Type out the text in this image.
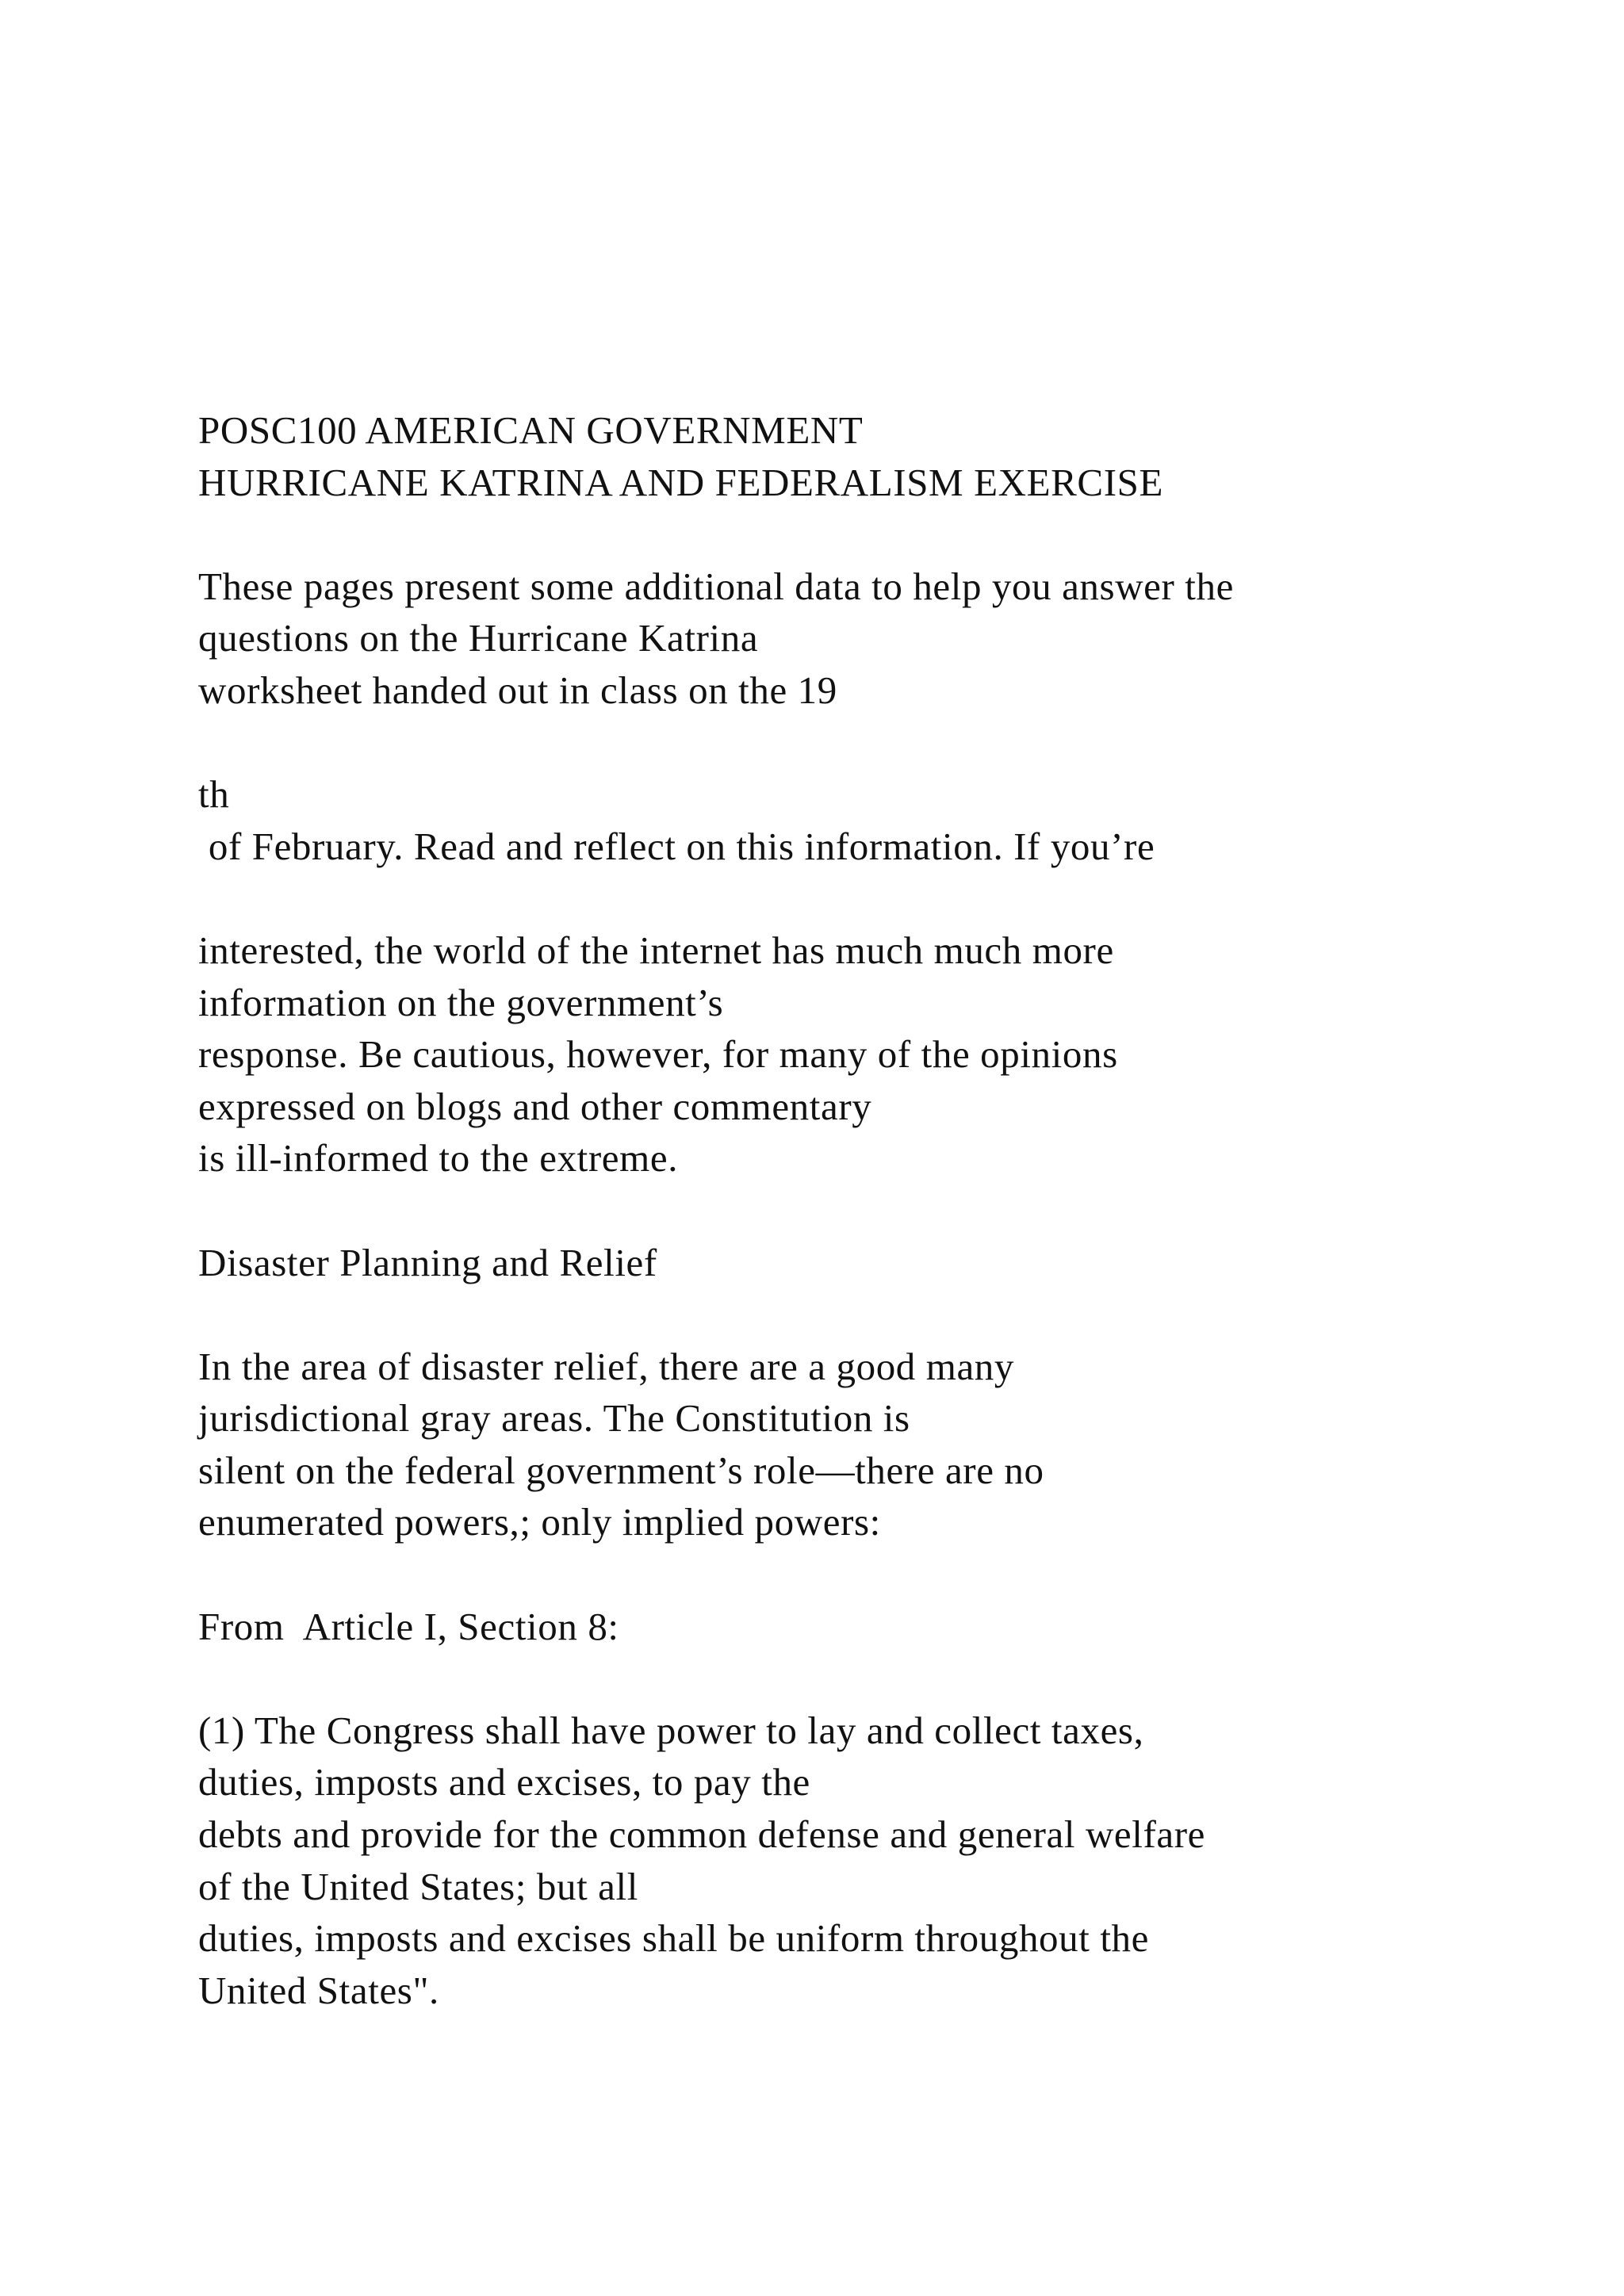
POSC100 AMERICAN GOVERNMENT
HURRICANE KATRINA AND FEDERALISM EXERCISE
These pages present some additional data to help you answer the
questions on the Hurricane Katrina
worksheet handed out in class on the 19
th
of February. Read and reflect on this information. If you’re
interested, the world of the internet has much much more
information on the government’s
response. Be cautious, however, for many of the opinions
expressed on blogs and other commentary
is ill-informed to the extreme.
Disaster Planning and Relief
In the area of disaster relief, there are a good many
jurisdictional gray areas. The Constitution is
silent on the federal government’s role—there are no
enumerated powers,; only implied powers:
From  Article I, Section 8:
(1) The Congress shall have power to lay and collect taxes,
duties, imposts and excises, to pay the
debts and provide for the common defense and general welfare
of the United States; but all
duties, imposts and excises shall be uniform throughout the
United States".
